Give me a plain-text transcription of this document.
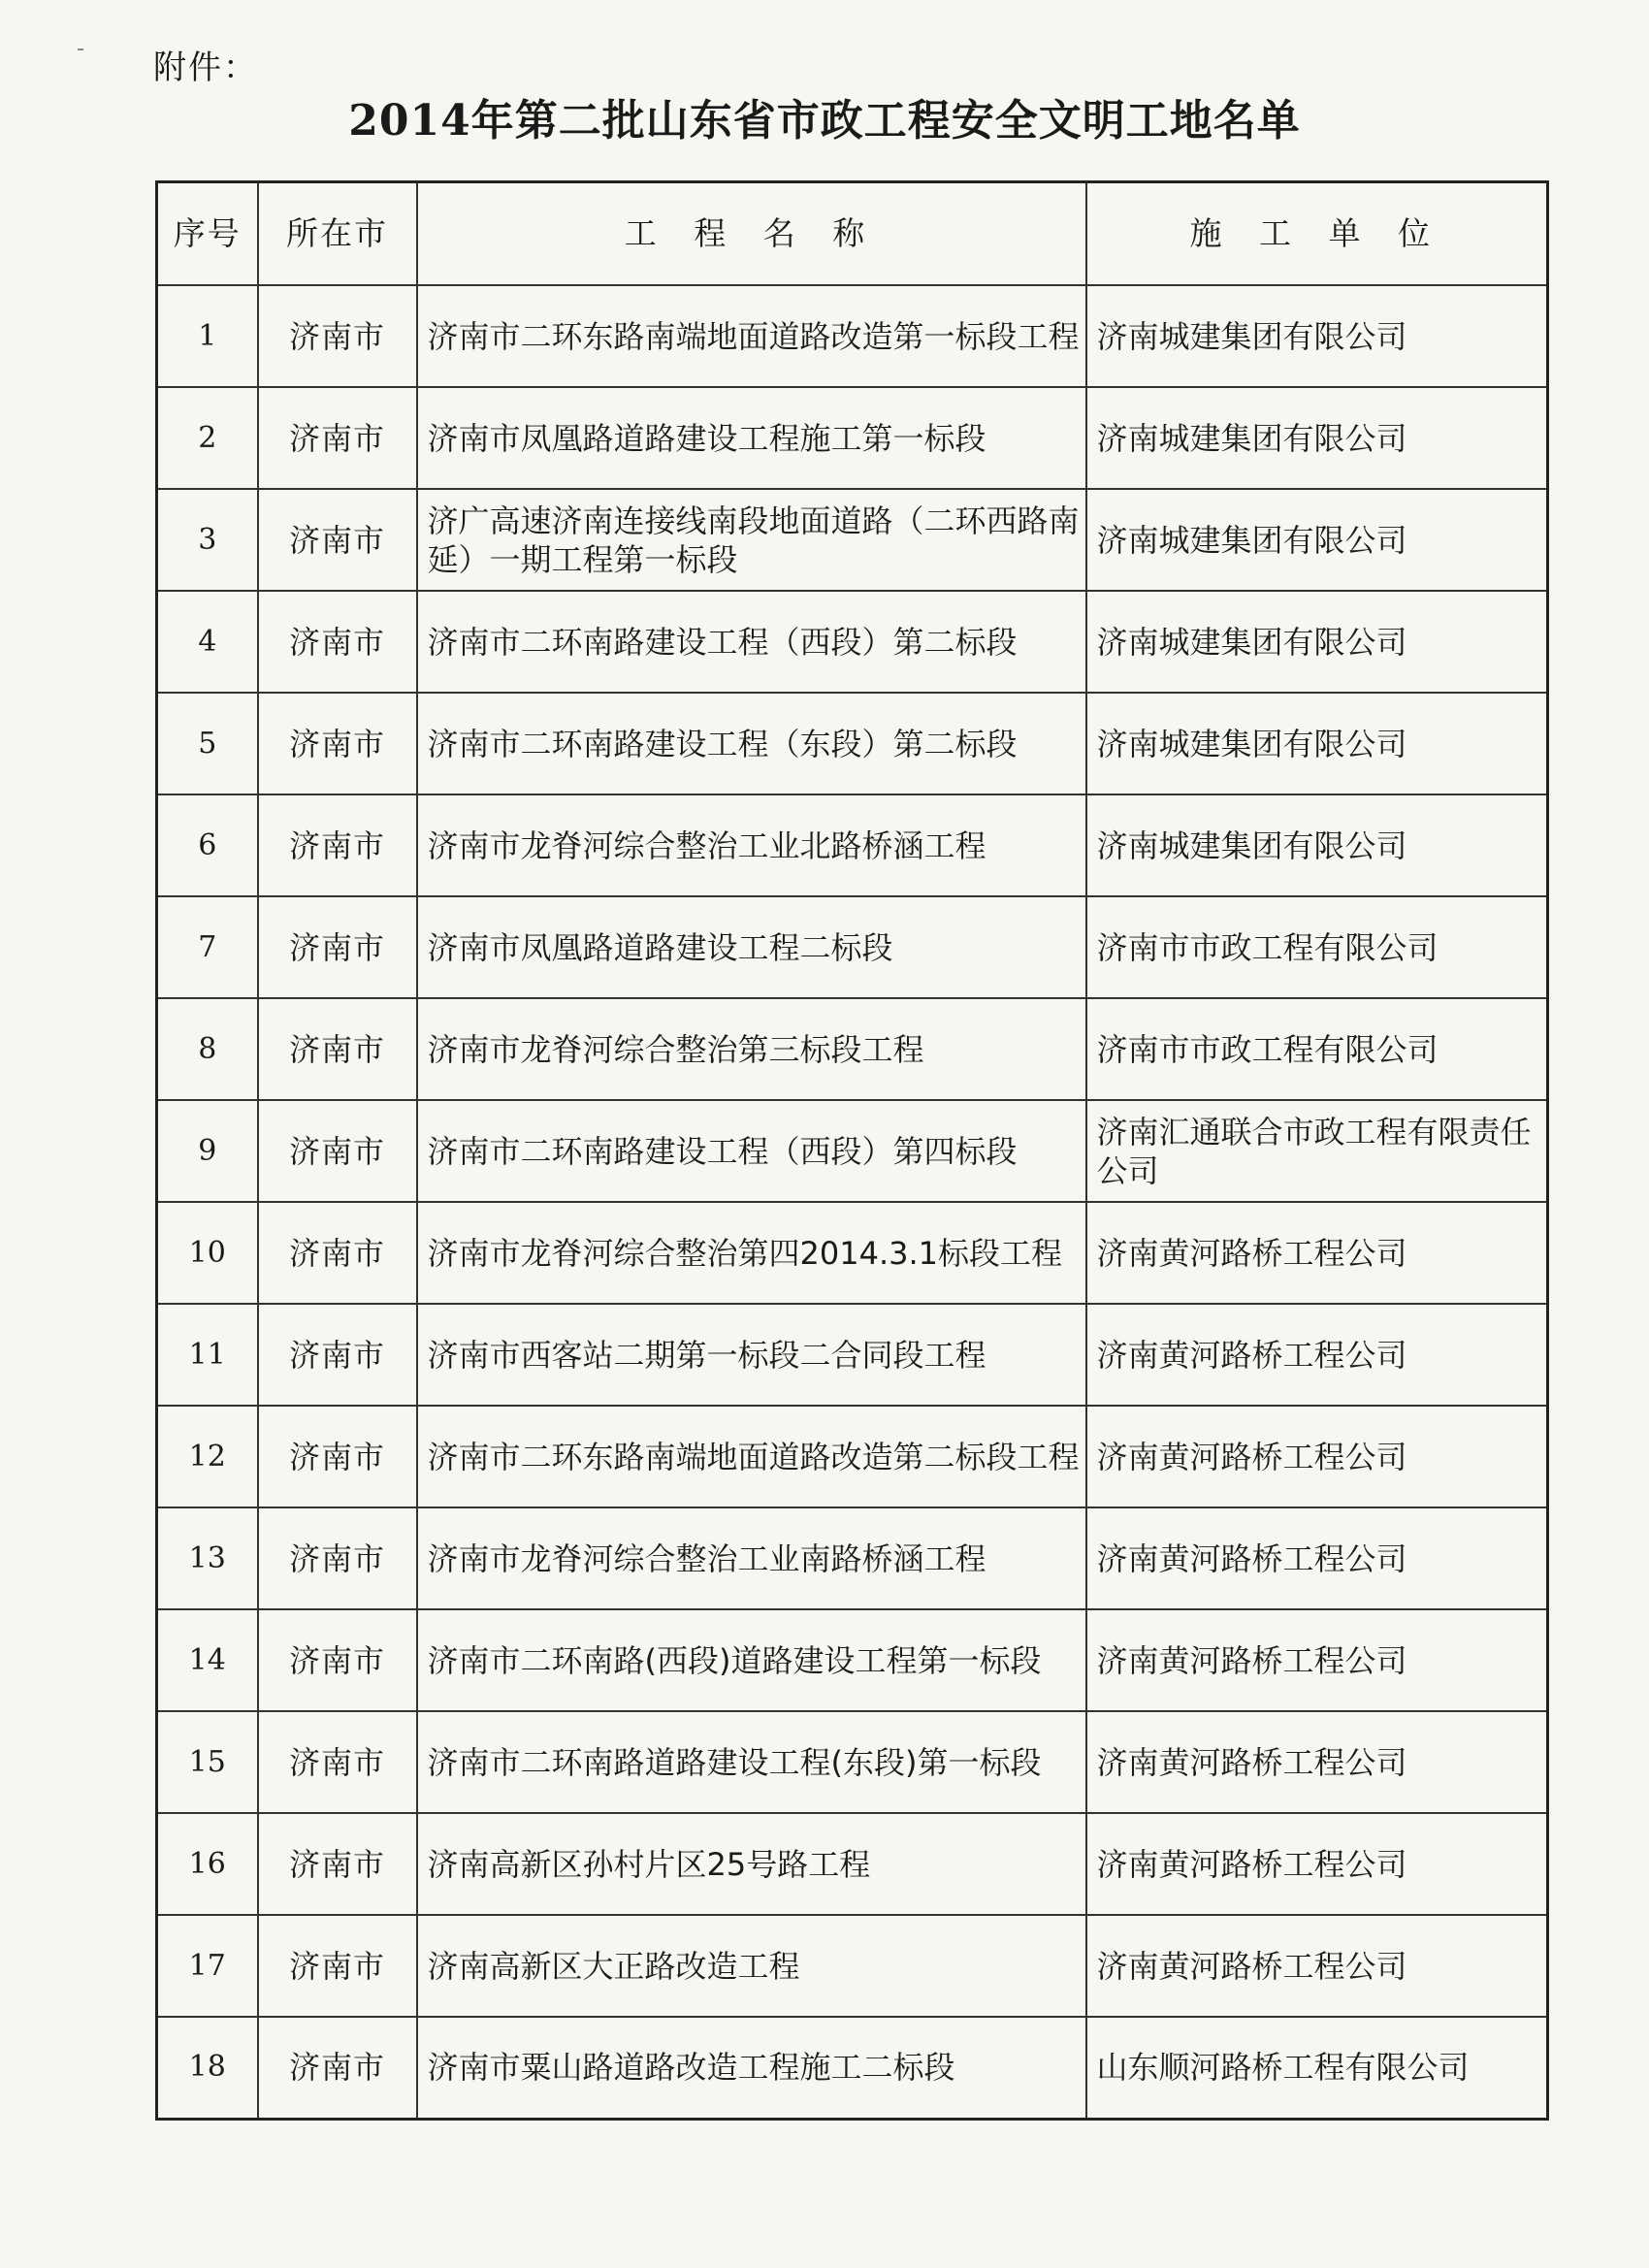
附件：
2014年第二批山东省市政工程安全文明工地名单
序号	所在市	工 程 名 称	施 工 单 位
1	济南市	济南市二环东路南端地面道路改造第一标段工程	济南城建集团有限公司
2	济南市	济南市凤凰路道路建设工程施工第一标段	济南城建集团有限公司
3	济南市	济广高速济南连接线南段地面道路（二环西路南延）一期工程第一标段	济南城建集团有限公司
4	济南市	济南市二环南路建设工程（西段）第二标段	济南城建集团有限公司
5	济南市	济南市二环南路建设工程（东段）第二标段	济南城建集团有限公司
6	济南市	济南市龙脊河综合整治工业北路桥涵工程	济南城建集团有限公司
7	济南市	济南市凤凰路道路建设工程二标段	济南市市政工程有限公司
8	济南市	济南市龙脊河综合整治第三标段工程	济南市市政工程有限公司
9	济南市	济南市二环南路建设工程（西段）第四标段	济南汇通联合市政工程有限责任公司
10	济南市	济南市龙脊河综合整治第四2014.3.1标段工程	济南黄河路桥工程公司
11	济南市	济南市西客站二期第一标段二合同段工程	济南黄河路桥工程公司
12	济南市	济南市二环东路南端地面道路改造第二标段工程	济南黄河路桥工程公司
13	济南市	济南市龙脊河综合整治工业南路桥涵工程	济南黄河路桥工程公司
14	济南市	济南市二环南路(西段)道路建设工程第一标段	济南黄河路桥工程公司
15	济南市	济南市二环南路道路建设工程(东段)第一标段	济南黄河路桥工程公司
16	济南市	济南高新区孙村片区25号路工程	济南黄河路桥工程公司
17	济南市	济南高新区大正路改造工程	济南黄河路桥工程公司
18	济南市	济南市粟山路道路改造工程施工二标段	山东顺河路桥工程有限公司
